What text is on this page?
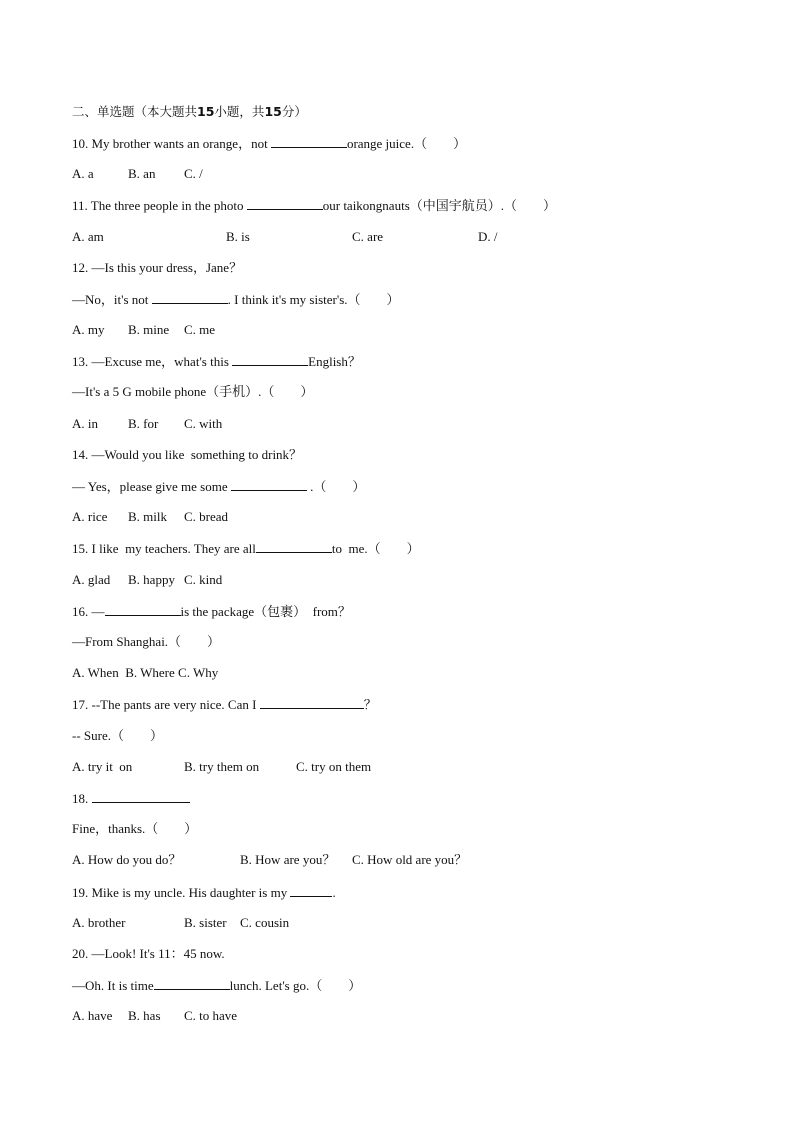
二、单选题（本大题共15小题，共15分）
10. My brother wants an orange，not	orange juice.（        ）
A. a	B. an C. /
11. The three people in the photo	our taikongnauts（中国宇航员）.（        ）
A. am	B. is	C. are	D. /
12. —Is this your dress，Jane？
—No，it's not	. I think it's my sister's.（        ）
A. my B. mine C. me
13. —Excuse me，what's this	English？
—It's a 5 G mobile phone（手机）.（        ）
A. in B. for C. with
14. —Would you like  something to drink？
— Yes，please give me some	.（        ）
A. rice B. milk C. bread
15. I like  my teachers. They are all	to  me.（        ）
A. glad B. happy C. kind
16. —	is the package（包裹）  from？
—From Shanghai.（        ）
A. When  B. Where C. Why
17. --The pants are very nice. Can I	？
-- Sure.（        ）
A. try it  on	B. try them on	C. try on them
18.
Fine，thanks.（        ）
A. How do you do？	B. How are you？ C. How old are you？
19. Mike is my uncle. His daughter is my	.
A. brother	B. sister C. cousin
20. —Look! It's 11：45 now.
—Oh. It is time	lunch. Let's go.（        ）
A. have B. has C. to have
